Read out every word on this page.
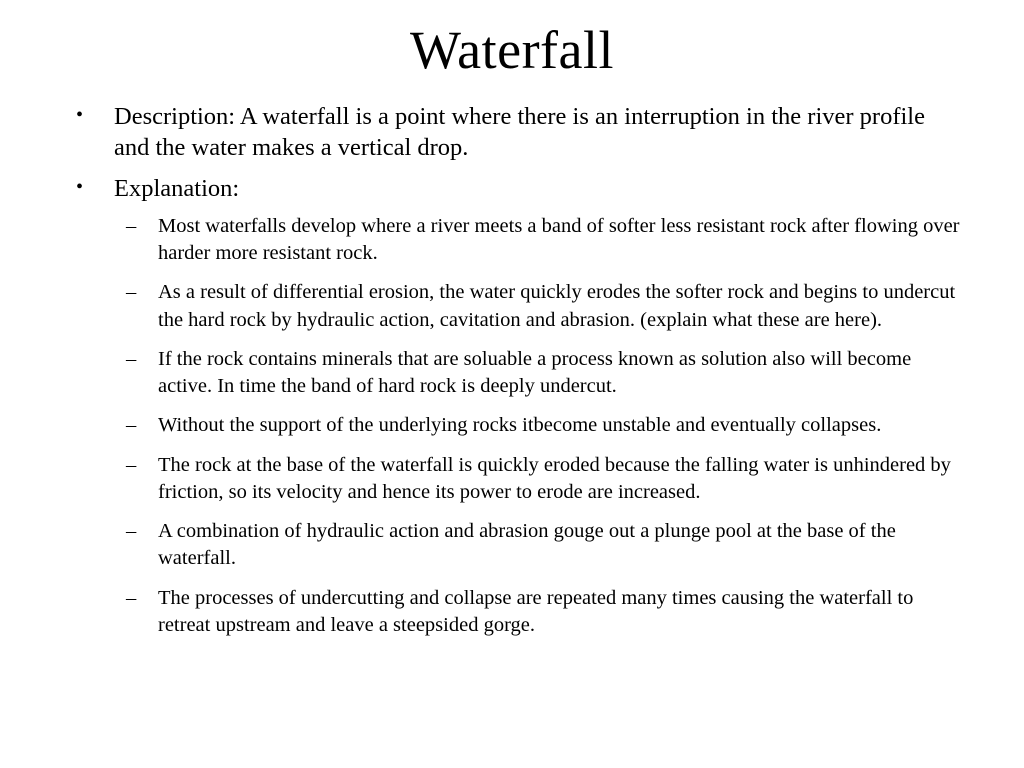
Waterfall
• Description: A waterfall is a point where there is an interruption in the river profile and the water makes a vertical drop.
• Explanation:
– Most waterfalls develop where a river meets a band of softer less resistant rock after flowing over harder more resistant rock.
– As a result of differential erosion, the water quickly erodes the softer rock and begins to undercut the hard rock by hydraulic action, cavitation and abrasion. (explain what these are here).
– If the rock contains minerals that are soluable a process known as solution also will become active. In time the band of hard rock is deeply undercut.
– Without the support of the underlying rocks itbecome unstable and eventually collapses.
– The rock at the base of the waterfall is quickly eroded because the falling water is unhindered by friction, so its velocity and hence its power to erode are increased.
– A combination of hydraulic action and abrasion gouge out a plunge pool at the base of the waterfall.
– The processes of undercutting and collapse are repeated many times causing the waterfall to retreat upstream and leave a steepsided gorge.
